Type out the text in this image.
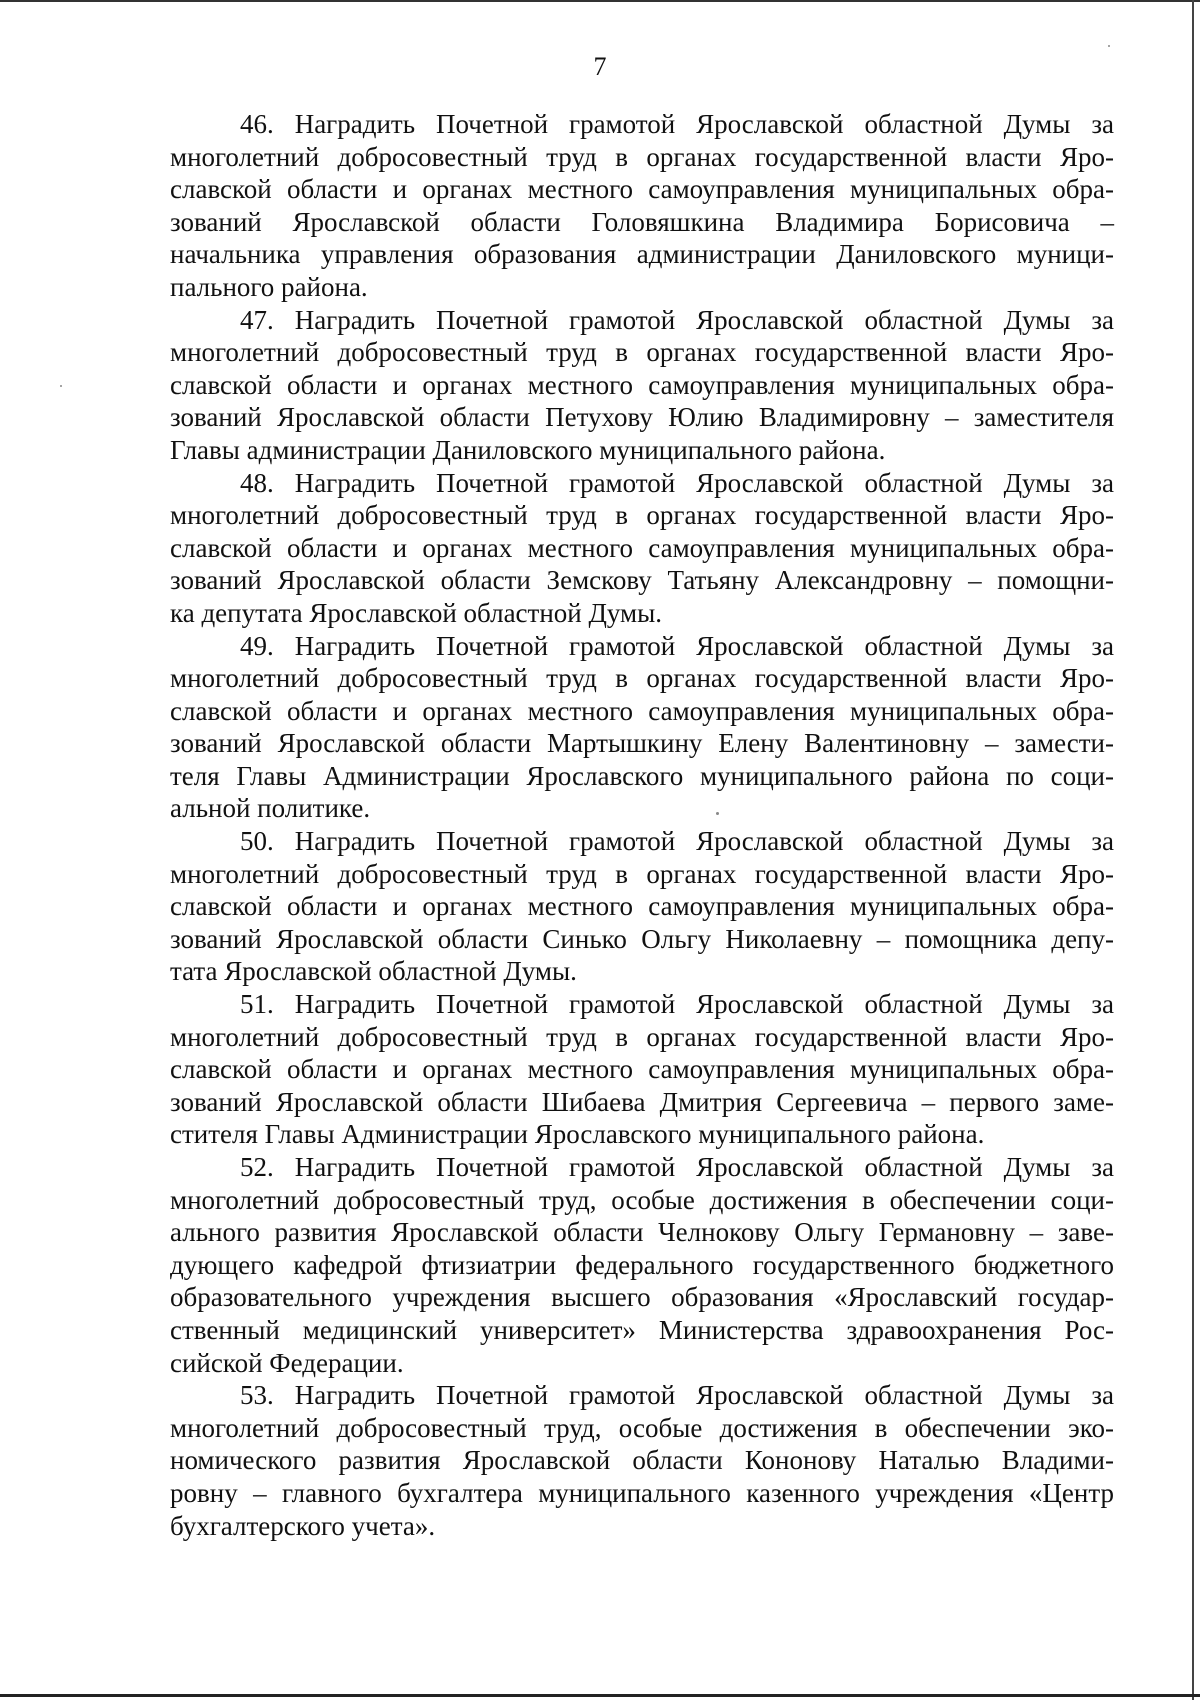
7

46. Наградить Почетной грамотой Ярославской областной Думы за
многолетний добросовестный труд в органах государственной власти Яро-
славской области и органах местного самоуправления муниципальных обра-
зований Ярославской области Головяшкина Владимира Борисовича –
начальника управления образования администрации Даниловского муници-
пального района.

47. Наградить Почетной грамотой Ярославской областной Думы за
многолетний добросовестный труд в органах государственной власти Яро-
славской области и органах местного самоуправления муниципальных обра-
зований Ярославской области Петухову Юлию Владимировну – заместителя
Главы администрации Даниловского муниципального района.

48. Наградить Почетной грамотой Ярославской областной Думы за
многолетний добросовестный труд в органах государственной власти Яро-
славской области и органах местного самоуправления муниципальных обра-
зований Ярославской области Земскову Татьяну Александровну – помощни-
ка депутата Ярославской областной Думы.

49. Наградить Почетной грамотой Ярославской областной Думы за
многолетний добросовестный труд в органах государственной власти Яро-
славской области и органах местного самоуправления муниципальных обра-
зований Ярославской области Мартышкину Елену Валентиновну – замести-
теля Главы Администрации Ярославского муниципального района по соци-
альной политике.

50. Наградить Почетной грамотой Ярославской областной Думы за
многолетний добросовестный труд в органах государственной власти Яро-
славской области и органах местного самоуправления муниципальных обра-
зований Ярославской области Синько Ольгу Николаевну – помощника депу-
тата Ярославской областной Думы.

51. Наградить Почетной грамотой Ярославской областной Думы за
многолетний добросовестный труд в органах государственной власти Яро-
славской области и органах местного самоуправления муниципальных обра-
зований Ярославской области Шибаева Дмитрия Сергеевича – первого заме-
стителя Главы Администрации Ярославского муниципального района.

52. Наградить Почетной грамотой Ярославской областной Думы за
многолетний добросовестный труд, особые достижения в обеспечении соци-
ального развития Ярославской области Челнокову Ольгу Германовну – заве-
дующего кафедрой фтизиатрии федерального государственного бюджетного
образовательного учреждения высшего образования «Ярославский государ-
ственный медицинский университет» Министерства здравоохранения Рос-
сийской Федерации.

53. Наградить Почетной грамотой Ярославской областной Думы за
многолетний добросовестный труд, особые достижения в обеспечении эко-
номического развития Ярославской области Кононову Наталью Владими-
ровну – главного бухгалтера муниципального казенного учреждения «Центр
бухгалтерского учета».
